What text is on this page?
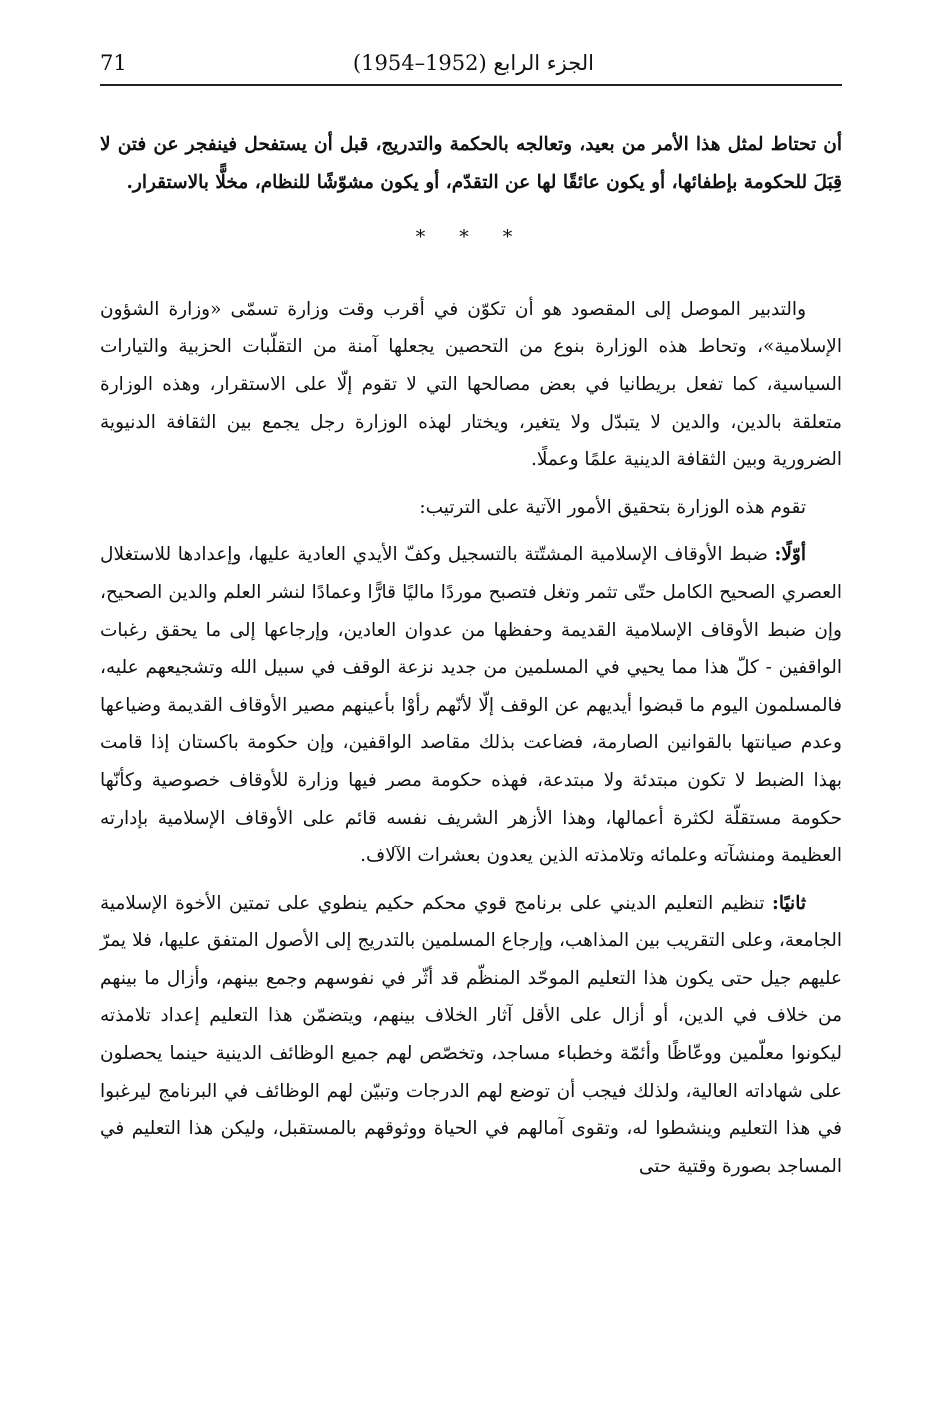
الجزء الرابع (1952–1954)
71

أن تحتاط لمثل هذا الأمر من بعيد، وتعالجه بالحكمة والتدريج، قبل أن يستفحل فينفجر عن فتن لا قِبَلَ للحكومة بإطفائها، أو يكون عائقًا لها عن التقدّم، أو يكون مشوّشًا للنظام، مخلًّا بالاستقرار.

* * *

والتدبير الموصل إلى المقصود هو أن تكوّن في أقرب وقت وزارة تسمّى «وزارة الشؤون الإسلامية»، وتحاط هذه الوزارة بنوع من التحصين يجعلها آمنة من التقلّبات الحزبية والتيارات السياسية، كما تفعل بريطانيا في بعض مصالحها التي لا تقوم إلّا على الاستقرار، وهذه الوزارة متعلقة بالدين، والدين لا يتبدّل ولا يتغير، ويختار لهذه الوزارة رجل يجمع بين الثقافة الدنيوية الضرورية وبين الثقافة الدينية علمًا وعملًا.

تقوم هذه الوزارة بتحقيق الأمور الآتية على الترتيب:

أوّلًا: ضبط الأوقاف الإسلامية المشتّتة بالتسجيل وكفّ الأيدي العادية عليها، وإعدادها للاستغلال العصري الصحيح الكامل حتّى تثمر وتغل فتصبح موردًا ماليًا قارًّا وعمادًا لنشر العلم والدين الصحيح، وإن ضبط الأوقاف الإسلامية القديمة وحفظها من عدوان العادين، وإرجاعها إلى ما يحقق رغبات الواقفين - كلّ هذا مما يحيي في المسلمين من جديد نزعة الوقف في سبيل الله وتشجيعهم عليه، فالمسلمون اليوم ما قبضوا أيديهم عن الوقف إلّا لأنّهم رأوْا بأعينهم مصير الأوقاف القديمة وضياعها وعدم صيانتها بالقوانين الصارمة، فضاعت بذلك مقاصد الواقفين، وإن حكومة باكستان إذا قامت بهذا الضبط لا تكون مبتدئة ولا مبتدعة، فهذه حكومة مصر فيها وزارة للأوقاف خصوصية وكأنّها حكومة مستقلّة لكثرة أعمالها، وهذا الأزهر الشريف نفسه قائم على الأوقاف الإسلامية بإدارته العظيمة ومنشآته وعلمائه وتلامذته الذين يعدون بعشرات الآلاف.

ثانيًا: تنظيم التعليم الديني على برنامج قوي محكم حكيم ينطوي على تمتين الأخوة الإسلامية الجامعة، وعلى التقريب بين المذاهب، وإرجاع المسلمين بالتدريج إلى الأصول المتفق عليها، فلا يمرّ عليهم جيل حتى يكون هذا التعليم الموحّد المنظّم قد أثّر في نفوسهم وجمع بينهم، وأزال ما بينهم من خلاف في الدين، أو أزال على الأقل آثار الخلاف بينهم، ويتضمّن هذا التعليم إعداد تلامذته ليكونوا معلّمين ووعّاظًا وأئمّة وخطباء مساجد، وتخصّص لهم جميع الوظائف الدينية حينما يحصلون على شهاداته العالية، ولذلك فيجب أن توضع لهم الدرجات وتبيّن لهم الوظائف في البرنامج ليرغبوا في هذا التعليم وينشطوا له، وتقوى آمالهم في الحياة ووثوقهم بالمستقبل، وليكن هذا التعليم في المساجد بصورة وقتية حتى
